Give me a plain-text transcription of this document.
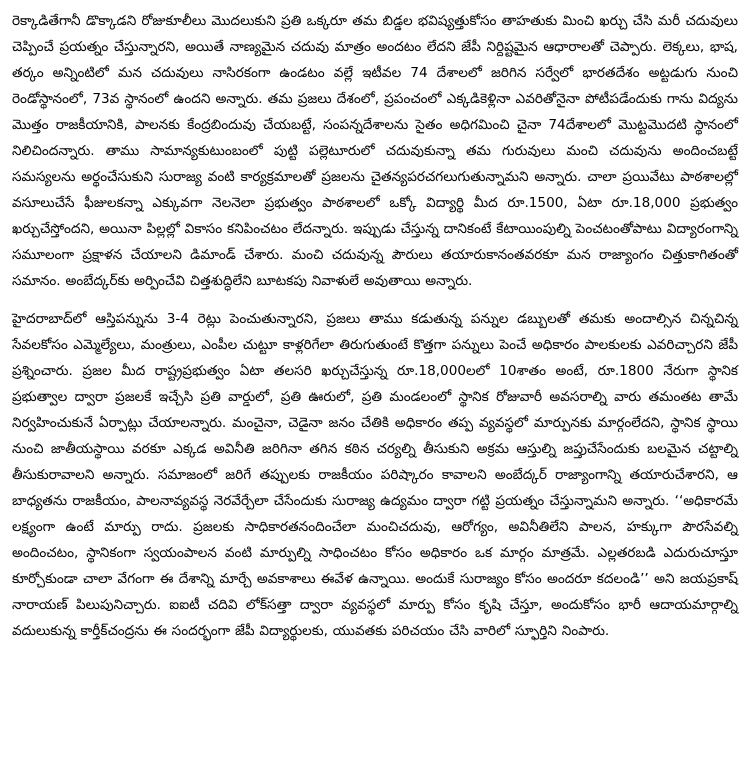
రెక్కాడితేగానీ డొక్కాడని రోజుకూలీలు మొదలుకుని ప్రతి ఒక్కరూ తమ బిడ్డల భవిష్యత్తుకోసం తాహతుకు మించి ఖర్చు చేసి మరీ చదువులు చెప్పించే ప్రయత్నం చేస్తున్నారని, అయితే నాణ్యమైన చదువు మాత్రం అందటం లేదని జేపీ నిర్దిష్టమైన ఆధారాలతో చెప్పారు. లెక్కలు, భాష, తర్కం అన్నింటిలో మన చదువులు నాసిరకంగా ఉండటం వల్లే ఇటీవల 74 దేశాలలో జరిగిన సర్వేలో భారతదేశం అట్టడుగు నుంచి రెండోస్థానంలో, 73వ స్థానంలో ఉందని అన్నారు. తమ ప్రజలు దేశంలో, ప్రపంచంలో ఎక్కడికెళ్లినా ఎవరితోనైనా పోటీపడేందుకు గాను విద్యను మొత్తం రాజకీయానికి, పాలనకు కేంద్రబిందువు చేయబట్టే, సంపన్నదేశాలను సైతం అధిగమించి చైనా 74దేశాలలో మొట్టమొదటి స్థానంలో నిలిచిందన్నారు. తాము సామాన్యకుటుంబంలో పుట్టి పల్లెటూరులో చదువుకున్నా తమ గురువులు మంచి చదువును అందించబట్టే సమస్యలను అర్థంచేసుకుని సురాజ్య వంటి కార్యక్రమాలతో ప్రజలను చైతన్యపరచగలుగుతున్నామని అన్నారు. చాలా ప్రయివేటు పాఠశాలల్లో వసూలుచేసే ఫీజులకన్నా ఎక్కువగా నెలనెలా ప్రభుత్వం పాఠశాలలో ఒక్కో విద్యార్థి మీద రూ.1500, ఏటా రూ.18,000 ప్రభుత్వం ఖర్చుచేస్తోందని, అయినా పిల్లల్లో వికాసం కనిపించటం లేదన్నారు. ఇప్పుడు చేస్తున్న దానికంటే కేటాయింపుల్ని పెంచటంతోపాటు విద్యారంగాన్ని సమూలంగా ప్రక్షాళన చేయాలని డిమాండ్ చేశారు. మంచి చదువున్న పౌరులు తయారుకానంతవరకూ మన రాజ్యాంగం చిత్తుకాగితంతో సమానం. అంబేద్కర్‌కు అర్పించేవి చిత్తశుద్ధిలేని బూటకపు నివాళులే అవుతాయి అన్నారు.

హైదరాబాద్‌లో ఆస్తిపన్నును 3-4 రెట్లు పెంచుతున్నారని, ప్రజలు తాము కడుతున్న పన్నుల డబ్బులతో తమకు అందాల్సిన చిన్నచిన్న సేవలకోసం ఎమ్మెల్యేలు, మంత్రులు, ఎంపీల చుట్టూ కాళ్లరిగేలా తిరుగుతుంటే కొత్తగా పన్నులు పెంచే అధికారం పాలకులకు ఎవరిచ్చారని జేపీ ప్రశ్నించారు. ప్రజల మీద రాష్ట్రప్రభుత్వం ఏటా తలసరి ఖర్చుచేస్తున్న రూ.18,000లలో 10శాతం అంటే, రూ.1800 నేరుగా స్థానిక ప్రభుత్వాల ద్వారా ప్రజలకే ఇచ్చేసి ప్రతి వార్డులో, ప్రతి ఊరులో, ప్రతి మండలంలో స్థానిక రోజువారీ అవసరాల్ని వారు తమంతట తామే నిర్వహించుకునే ఏర్పాట్లు చేయాలన్నారు. మంచైనా, చెడైనా జనం చేతికి అధికారం తప్ప వ్యవస్థలో మార్పునకు మార్గంలేదని, స్థానిక స్థాయి నుంచి జాతీయస్థాయి వరకూ ఎక్కడ అవినీతి జరిగినా తగిన కఠిన చర్యల్ని తీసుకుని అక్రమ ఆస్తుల్ని జప్తుచేసేందుకు బలమైన చట్టాల్ని తీసుకురావాలని అన్నారు. సమాజంలో జరిగే తప్పులకు రాజకీయం పరిష్కారం కావాలని అంబేద్కర్ రాజ్యాంగాన్ని తయారుచేశారని, ఆ బాధ్యతను రాజకీయం, పాలనావ్యవస్థ నెరవేర్చేలా చేసేందుకు సురాజ్య ఉద్యమం ద్వారా గట్టి ప్రయత్నం చేస్తున్నామని అన్నారు. ‘‘అధికారమే లక్ష్యంగా ఉంటే మార్పు రాదు. ప్రజలకు సాధికారతనందించేలా మంచిచదువు, ఆరోగ్యం, అవినీతిలేని పాలన, హక్కుగా పౌరసేవల్ని అందించటం, స్థానికంగా స్వయంపాలన వంటి మార్పుల్ని సాధించటం కోసం అధికారం ఒక మార్గం మాత్రమే. ఎల్లతరబడి ఎదురుచూస్తూ కూర్చోకుండా చాలా వేగంగా ఈ దేశాన్ని మార్చే అవకాశాలు ఈవేళ ఉన్నాయి. అందుకే సురాజ్యం కోసం అందరూ కదలండి’’ అని జయప్రకాష్ నారాయణ్ పిలుపునిచ్చారు. ఐఐటీ చదివి లోక్‌సత్తా ద్వారా వ్యవస్థలో మార్పు కోసం కృషి చేస్తూ, అందుకోసం భారీ ఆదాయమార్గాల్ని వదులుకున్న కార్తీక్‌చంద్రను ఈ సందర్భంగా జేపీ విద్యార్థులకు, యువతకు పరిచయం చేసి వారిలో స్ఫూర్తిని నింపారు.
